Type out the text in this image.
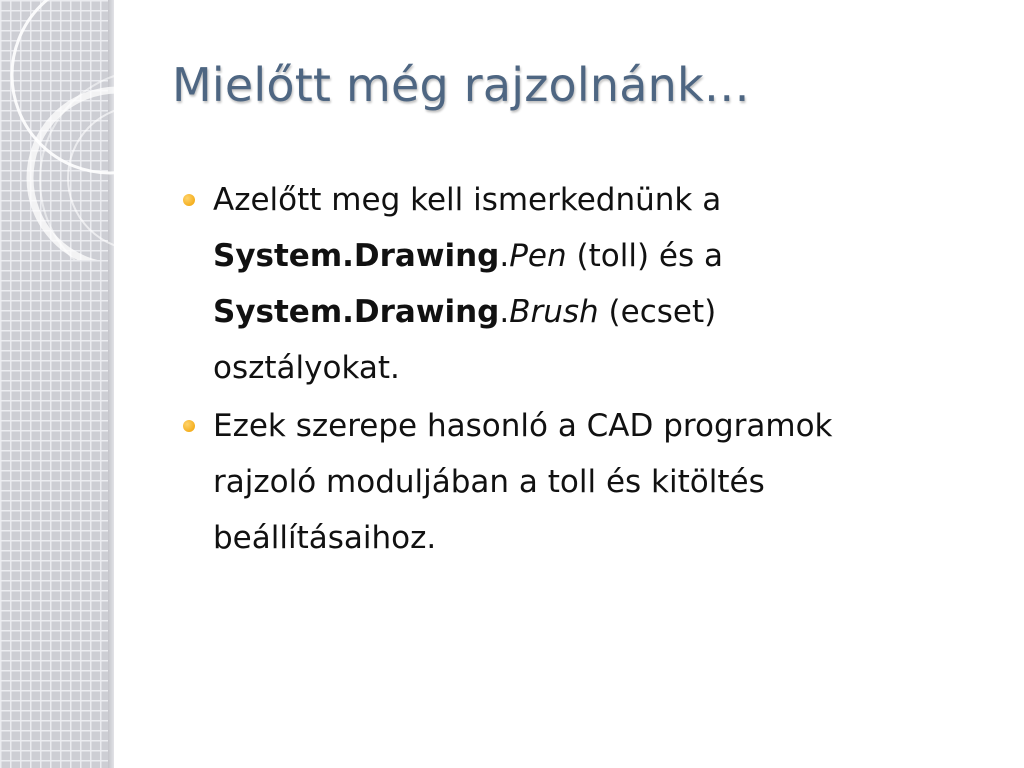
Mielőtt még rajzolnánk…
Azelőtt meg kell ismerkednünk a
System.Drawing.Pen (toll) és a
System.Drawing.Brush (ecset)
osztályokat.
Ezek szerepe hasonló a CAD programok
rajzoló moduljában a toll és kitöltés
beállításaihoz.
